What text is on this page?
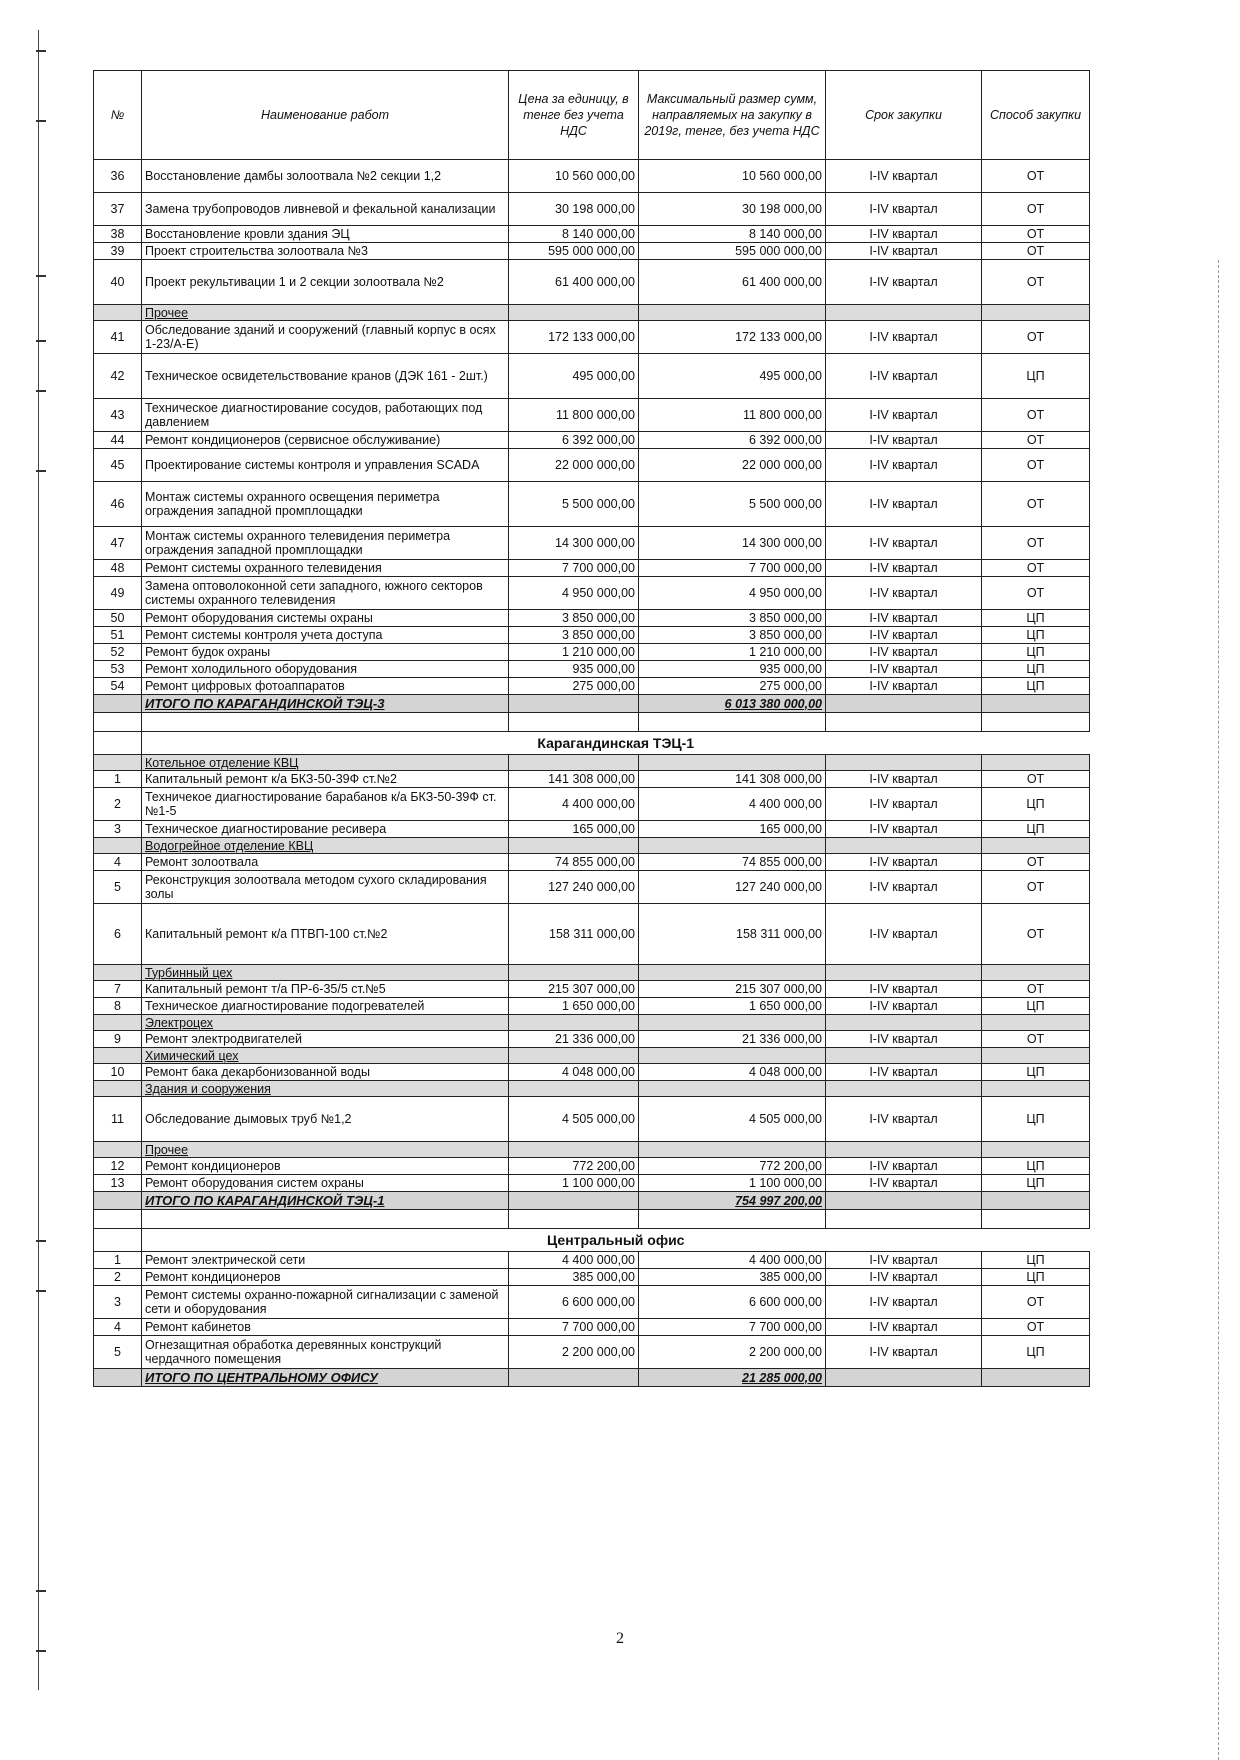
№	Наименование работ	Цена за единицу, в тенге без учета НДС	Максимальный размер сумм, направляемых на закупку в 2019г, тенге, без учета НДС	Срок закупки	Способ закупки
36	Восстановление дамбы золоотвала №2 секции 1,2	10 560 000,00	10 560 000,00	I-IV квартал	ОТ
37	Замена трубопроводов ливневой и фекальной канализации	30 198 000,00	30 198 000,00	I-IV квартал	ОТ
38	Восстановление кровли здания ЭЦ	8 140 000,00	8 140 000,00	I-IV квартал	ОТ
39	Проект строительства золоотвала №3	595 000 000,00	595 000 000,00	I-IV квартал	ОТ
40	Проект рекультивации 1 и 2 секции золоотвала №2	61 400 000,00	61 400 000,00	I-IV квартал	ОТ
	Прочее				
41	Обследование зданий и сооружений (главный корпус в осях 1-23/А-Е)	172 133 000,00	172 133 000,00	I-IV квартал	ОТ
42	Техническое освидетельствование кранов (ДЭК 161 - 2шт.)	495 000,00	495 000,00	I-IV квартал	ЦП
43	Техническое диагностирование сосудов, работающих под давлением	11 800 000,00	11 800 000,00	I-IV квартал	ОТ
44	Ремонт кондиционеров (сервисное обслуживание)	6 392 000,00	6 392 000,00	I-IV квартал	ОТ
45	Проектирование системы контроля и управления SCADA	22 000 000,00	22 000 000,00	I-IV квартал	ОТ
46	Монтаж системы охранного освещения периметра ограждения западной промплощадки	5 500 000,00	5 500 000,00	I-IV квартал	ОТ
47	Монтаж системы охранного телевидения периметра ограждения западной промплощадки	14 300 000,00	14 300 000,00	I-IV квартал	ОТ
48	Ремонт системы охранного телевидения	7 700 000,00	7 700 000,00	I-IV квартал	ОТ
49	Замена оптоволоконной сети западного, южного секторов системы охранного телевидения	4 950 000,00	4 950 000,00	I-IV квартал	ОТ
50	Ремонт оборудования системы охраны	3 850 000,00	3 850 000,00	I-IV квартал	ЦП
51	Ремонт системы контроля учета доступа	3 850 000,00	3 850 000,00	I-IV квартал	ЦП
52	Ремонт будок охраны	1 210 000,00	1 210 000,00	I-IV квартал	ЦП
53	Ремонт холодильного оборудования	935 000,00	935 000,00	I-IV квартал	ЦП
54	Ремонт цифровых фотоаппаратов	275 000,00	275 000,00	I-IV квартал	ЦП
	ИТОГО ПО КАРАГАНДИНСКОЙ ТЭЦ-3		6 013 380 000,00		

	Карагандинская ТЭЦ-1				
	Котельное отделение КВЦ				
1	Капитальный ремонт к/а БКЗ-50-39Ф ст.№2	141 308 000,00	141 308 000,00	I-IV квартал	ОТ
2	Техничекое диагностирование барабанов к/а БКЗ-50-39Ф ст. №1-5	4 400 000,00	4 400 000,00	I-IV квартал	ЦП
3	Техническое диагностирование ресивера	165 000,00	165 000,00	I-IV квартал	ЦП
	Водогрейное отделение КВЦ				
4	Ремонт золоотвала	74 855 000,00	74 855 000,00	I-IV квартал	ОТ
5	Реконструкция золоотвала методом сухого складирования золы	127 240 000,00	127 240 000,00	I-IV квартал	ОТ
6	Капитальный ремонт к/а ПТВП-100 ст.№2	158 311 000,00	158 311 000,00	I-IV квартал	ОТ
	Турбинный цех				
7	Капитальный ремонт т/а ПР-6-35/5 ст.№5	215 307 000,00	215 307 000,00	I-IV квартал	ОТ
8	Техническое диагностирование подогревателей	1 650 000,00	1 650 000,00	I-IV квартал	ЦП
	Электроцех				
9	Ремонт электродвигателей	21 336 000,00	21 336 000,00	I-IV квартал	ОТ
	Химический цех				
10	Ремонт бака декарбонизованной воды	4 048 000,00	4 048 000,00	I-IV квартал	ЦП
	Здания и сооружения				
11	Обследование дымовых труб №1,2	4 505 000,00	4 505 000,00	I-IV квартал	ЦП
	Прочее				
12	Ремонт кондиционеров	772 200,00	772 200,00	I-IV квартал	ЦП
13	Ремонт оборудования систем охраны	1 100 000,00	1 100 000,00	I-IV квартал	ЦП
	ИТОГО ПО КАРАГАНДИНСКОЙ ТЭЦ-1		754 997 200,00		

	Центральный офис				
1	Ремонт электрической сети	4 400 000,00	4 400 000,00	I-IV квартал	ЦП
2	Ремонт кондиционеров	385 000,00	385 000,00	I-IV квартал	ЦП
3	Ремонт системы охранно-пожарной сигнализации с заменой сети и оборудования	6 600 000,00	6 600 000,00	I-IV квартал	ОТ
4	Ремонт кабинетов	7 700 000,00	7 700 000,00	I-IV квартал	ОТ
5	Огнезащитная обработка деревянных конструкций чердачного помещения	2 200 000,00	2 200 000,00	I-IV квартал	ЦП
	ИТОГО ПО ЦЕНТРАЛЬНОМУ ОФИСУ		21 285 000,00		
2
